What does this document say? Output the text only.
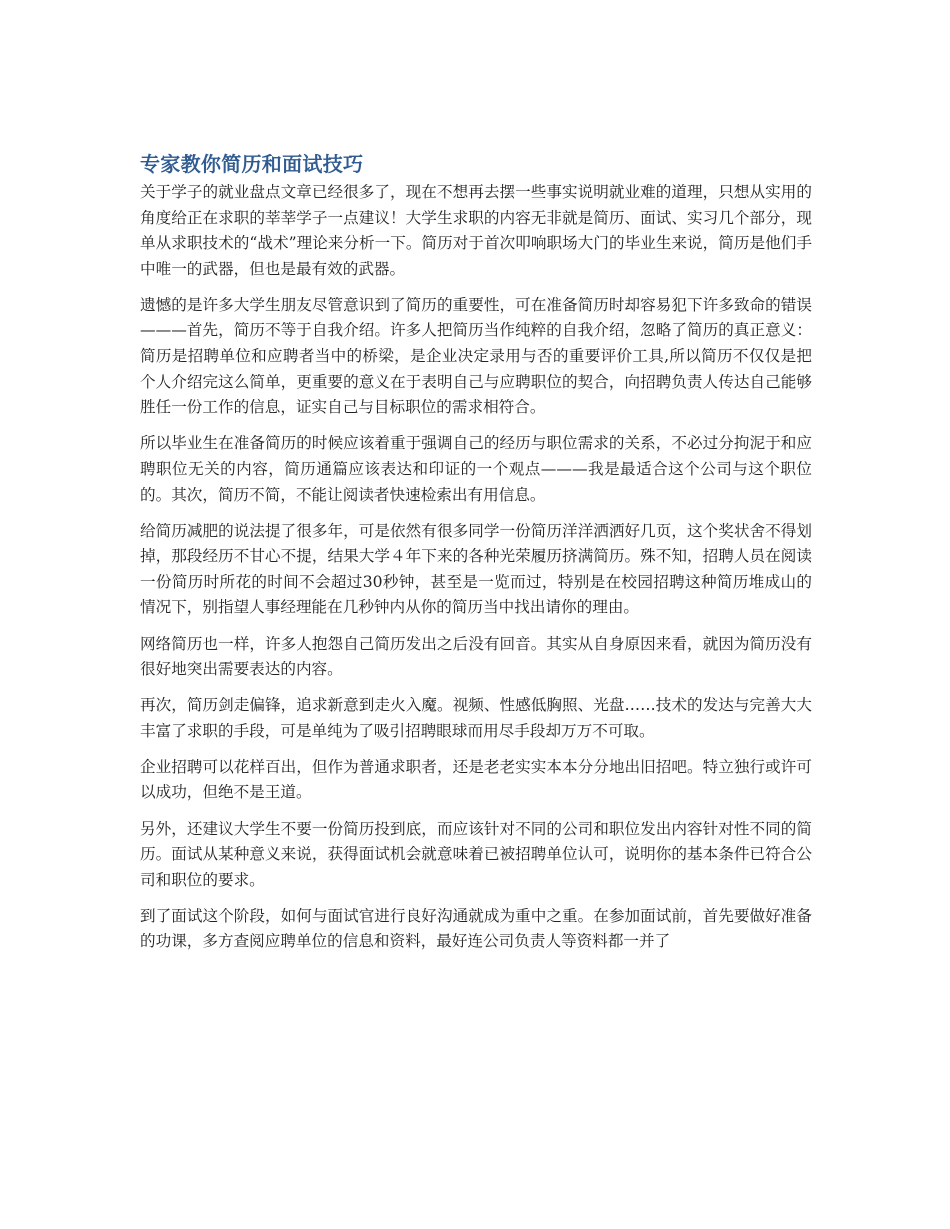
专家教你简历和面试技巧

关于学子的就业盘点文章已经很多了，现在不想再去摆一些事实说明就业难的道理，只想从实用的角度给正在求职的莘莘学子一点建议！大学生求职的内容无非就是简历、面试、实习几个部分，现单从求职技术的“战术”理论来分析一下。简历对于首次叩响职场大门的毕业生来说，简历是他们手中唯一的武器，但也是最有效的武器。

遗憾的是许多大学生朋友尽管意识到了简历的重要性，可在准备简历时却容易犯下许多致命的错误———首先，简历不等于自我介绍。许多人把简历当作纯粹的自我介绍，忽略了简历的真正意义：简历是招聘单位和应聘者当中的桥梁，是企业决定录用与否的重要评价工具,所以简历不仅仅是把个人介绍完这么简单，更重要的意义在于表明自己与应聘职位的契合，向招聘负责人传达自己能够胜任一份工作的信息，证实自己与目标职位的需求相符合。

所以毕业生在准备简历的时候应该着重于强调自己的经历与职位需求的关系，不必过分拘泥于和应聘职位无关的内容，简历通篇应该表达和印证的一个观点———我是最适合这个公司与这个职位的。其次，简历不简，不能让阅读者快速检索出有用信息。

给简历减肥的说法提了很多年，可是依然有很多同学一份简历洋洋洒洒好几页，这个奖状舍不得划掉，那段经历不甘心不提，结果大学４年下来的各种光荣履历挤满简历。殊不知，招聘人员在阅读一份简历时所花的时间不会超过30秒钟，甚至是一览而过，特别是在校园招聘这种简历堆成山的情况下，别指望人事经理能在几秒钟内从你的简历当中找出请你的理由。

网络简历也一样，许多人抱怨自己简历发出之后没有回音。其实从自身原因来看，就因为简历没有很好地突出需要表达的内容。

再次，简历剑走偏锋，追求新意到走火入魔。视频、性感低胸照、光盘……技术的发达与完善大大丰富了求职的手段，可是单纯为了吸引招聘眼球而用尽手段却万万不可取。

企业招聘可以花样百出，但作为普通求职者，还是老老实实本本分分地出旧招吧。特立独行或许可以成功，但绝不是王道。

另外，还建议大学生不要一份简历投到底，而应该针对不同的公司和职位发出内容针对性不同的简历。面试从某种意义来说，获得面试机会就意味着已被招聘单位认可，说明你的基本条件已符合公司和职位的要求。

到了面试这个阶段，如何与面试官进行良好沟通就成为重中之重。在参加面试前，首先要做好准备的功课，多方查阅应聘单位的信息和资料，最好连公司负责人等资料都一并了
